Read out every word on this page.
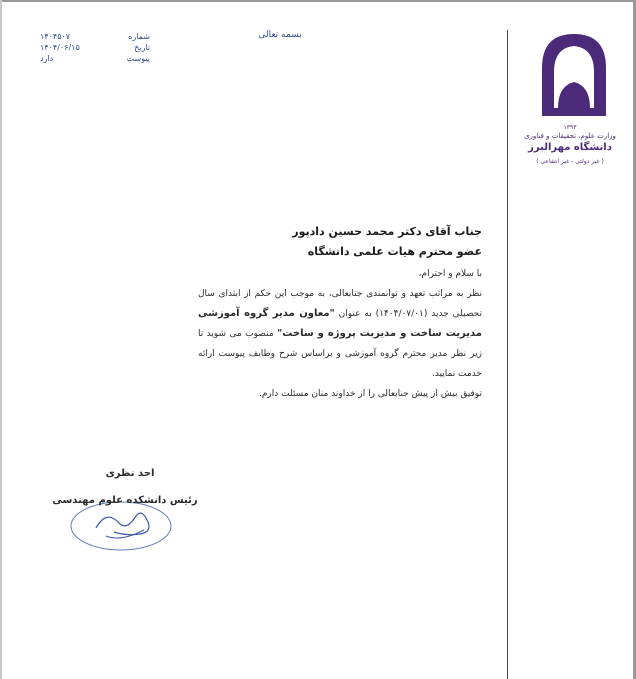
۱۳۹۳
وزارت علوم، تحقیقات و فناوری
دانشگاه مهرالبرز
( غیر دولتی - غیر انتفاعی )
بسمه تعالی
شماره
۱۴۰۴۵۰۷
تاریخ
۱۴۰۴/۰۶/۱۵
پیوست
دارد
جناب آقای دکتر محمد حسین دادپور
عضو محترم هیات علمی دانشگاه
با سلام و احترام،
نظر به مراتب تعهد و توانمندی جنابعالی، به موجب این حکم از ابتدای سال تحصیلی جدید (۱۴۰۴/۰۷/۰۱) به عنوان "معاون مدیر گروه آموزشی مدیریت ساخت و مدیریت پروژه و ساخت" منصوب می شوید تا زیر نظر مدیر محترم گروه آموزشی و براساس شرح وظایف پیوست ارائه خدمت نمایید.
توفیق بیش از پیش جنابعالی را از خداوند منان مسئلت دارم.
احد نظری
رئیس دانشکده علوم مهندسی
